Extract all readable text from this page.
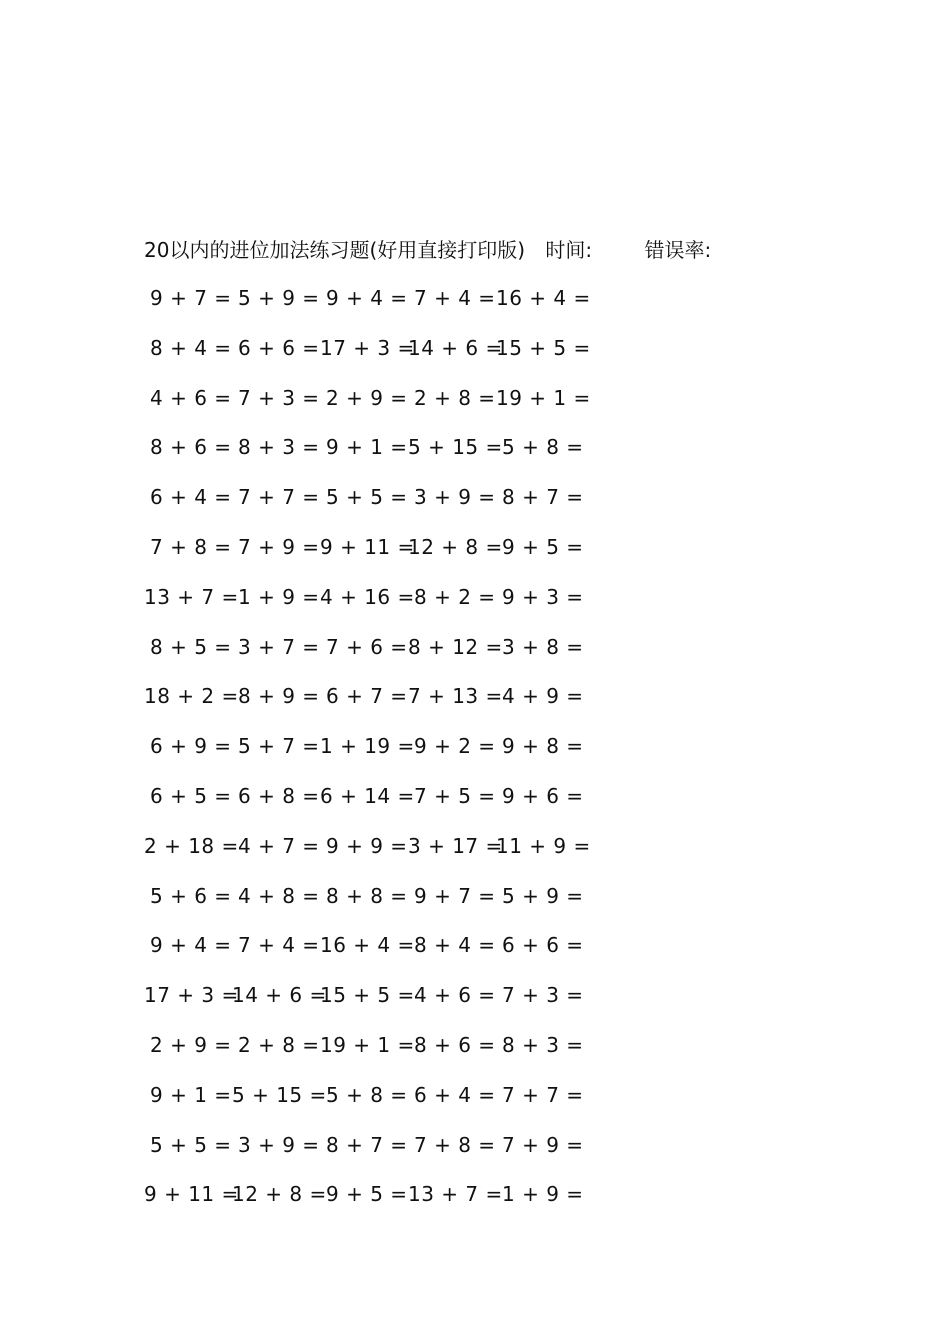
20以内的进位加法练习题(好用直接打印版) 时间:	错误率:
9 + 7 = 5 + 9 = 9 + 4 = 7 + 4 = 16 + 4 =
8 + 4 = 6 + 6 = 17 + 3 =
14 + 6 =
15 + 5 =
4 + 6 = 7 + 3 = 2 + 9 = 2 + 8 = 19 + 1 =
8 + 6 = 8 + 3 = 9 + 1 = 5 + 15 = 5 + 8 =
6 + 4 = 7 + 7 = 5 + 5 = 3 + 9 = 8 + 7 =
7 + 8 = 7 + 9 = 9 + 11 =
12 + 8 = 9 + 5 =
13 + 7 = 1 + 9 = 4 + 16 = 8 + 2 = 9 + 3 =
8 + 5 = 3 + 7 = 7 + 6 = 8 + 12 = 3 + 8 =
18 + 2 = 8 + 9 = 6 + 7 = 7 + 13 = 4 + 9 =
6 + 9 = 5 + 7 = 1 + 19 = 9 + 2 = 9 + 8 =
6 + 5 = 6 + 8 = 6 + 14 = 7 + 5 = 9 + 6 =
2 + 18 = 4 + 7 = 9 + 9 = 3 + 17 =
11 + 9 =
5 + 6 = 4 + 8 = 8 + 8 = 9 + 7 = 5 + 9 =
9 + 4 = 7 + 4 = 16 + 4 = 8 + 4 = 6 + 6 =
17 + 3 =
14 + 6 =
15 + 5 = 4 + 6 = 7 + 3 =
2 + 9 = 2 + 8 = 19 + 1 = 8 + 6 = 8 + 3 =
9 + 1 = 5 + 15 = 5 + 8 = 6 + 4 = 7 + 7 =
5 + 5 = 3 + 9 = 8 + 7 = 7 + 8 = 7 + 9 =
9 + 11 =
12 + 8 = 9 + 5 = 13 + 7 = 1 + 9 =
